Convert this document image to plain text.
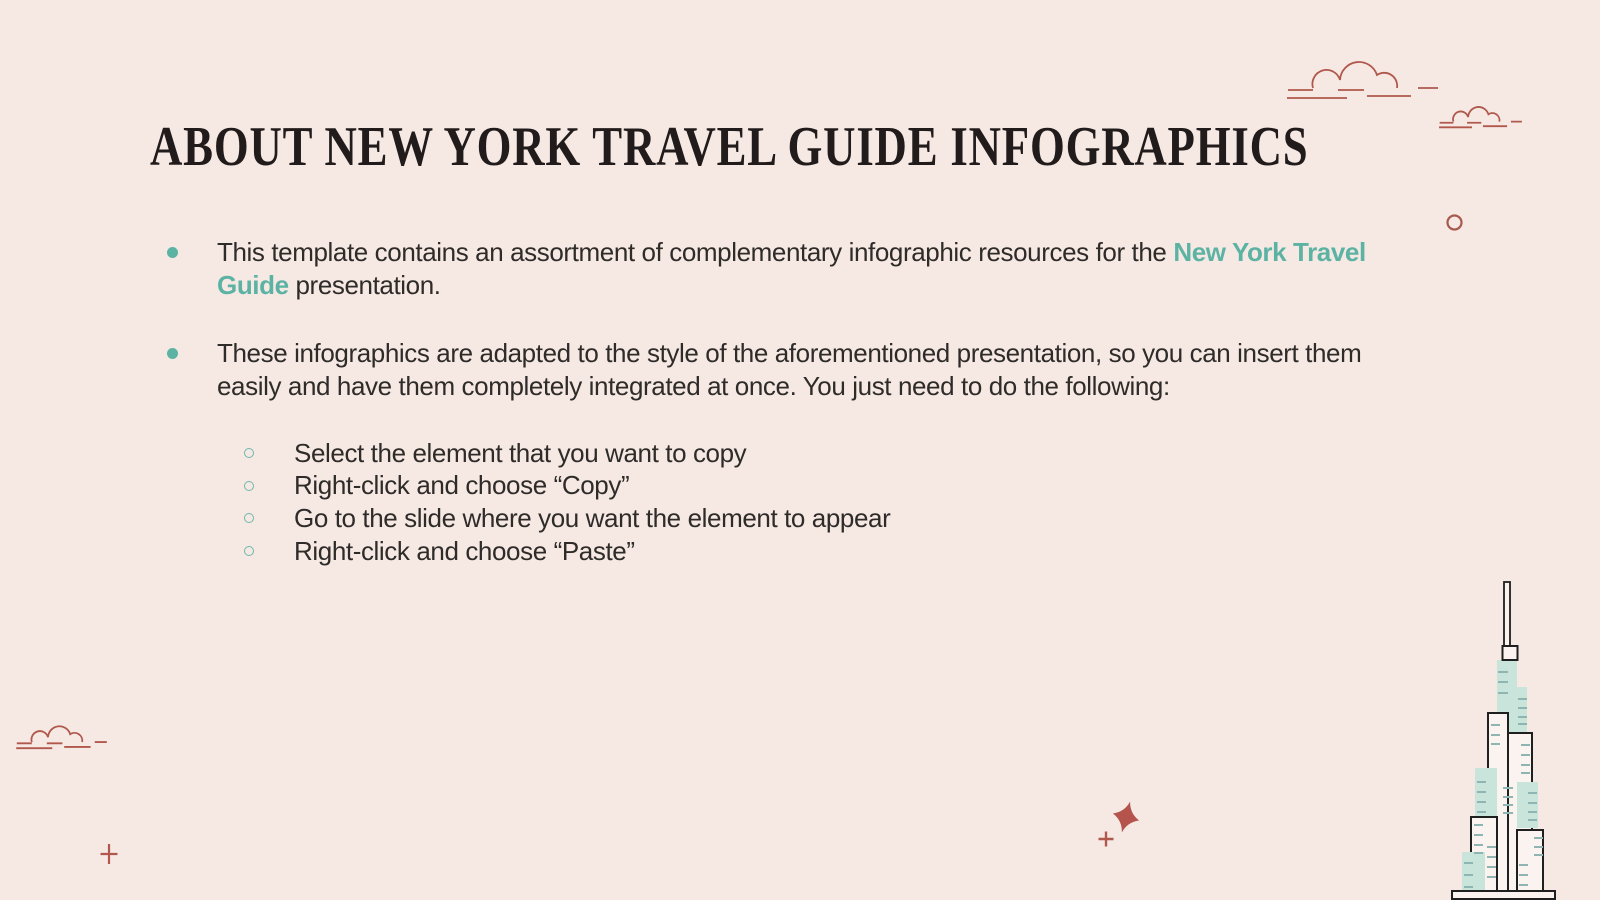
ABOUT NEW YORK TRAVEL GUIDE INFOGRAPHICS

This template contains an assortment of complementary infographic resources for the New York Travel Guide presentation.

These infographics are adapted to the style of the aforementioned presentation, so you can insert them easily and have them completely integrated at once. You just need to do the following:

Select the element that you want to copy
Right-click and choose “Copy”
Go to the slide where you want the element to appear
Right-click and choose “Paste”
